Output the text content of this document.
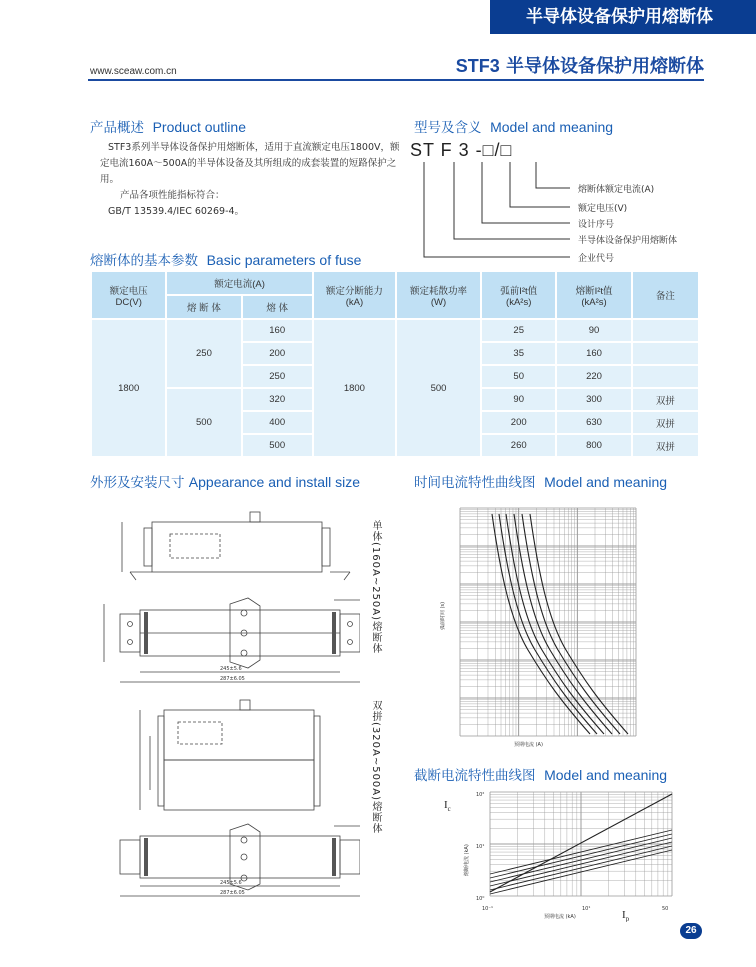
半导体设备保护用熔断体
www.sceaw.com.cn	STF3 半导体设备保护用熔断体
产品概述 Product outline

STF3系列半导体设备保护用熔断体，适用于直流额定电压1800V，额定电流160A～500A的半导体设备及其所组成的成套装置的短路保护之用。

产品各项性能指标符合：

GB/T 13539.4/IEC 60269-4。

型号及含义 Model and meaning
ST F 3 -□/□
熔断体额定电流(A)
额定电压(V)
设计序号
半导体设备保护用熔断体
企业代号
熔断体的基本参数 Basic parameters of fuse
额定电压
DC(V)	额定电流(A)		额定分断能力
(kA)	额定耗散功率
(W)	弧前I²t值
(kA²s)	熔断I²t值
(kA²s)	备注
	熔 断 体	熔 体					
1800	250	160	1800	500	25	90	
		200			35	160	
		250			50	220	
	500	320			90	300	双拼
		400			200	630	双拼
		500			260	800	双拼
外形及安装尺寸 Appearance and install size
245±5.6
287±6.05
245±5.6
287±6.05
单体(160A~250A)熔断体
双拼(320A~500A)熔断体
时间电流特性曲线图 Model and meaning
预期电流 (A)
弧前时间 (s)
截断电流特性曲线图 Model and meaning
$I_c$
$I_p$
预期电流 (kA)
熔断电流 (kA)
10⁻¹	10¹	50
10²
10¹
10⁰
26
